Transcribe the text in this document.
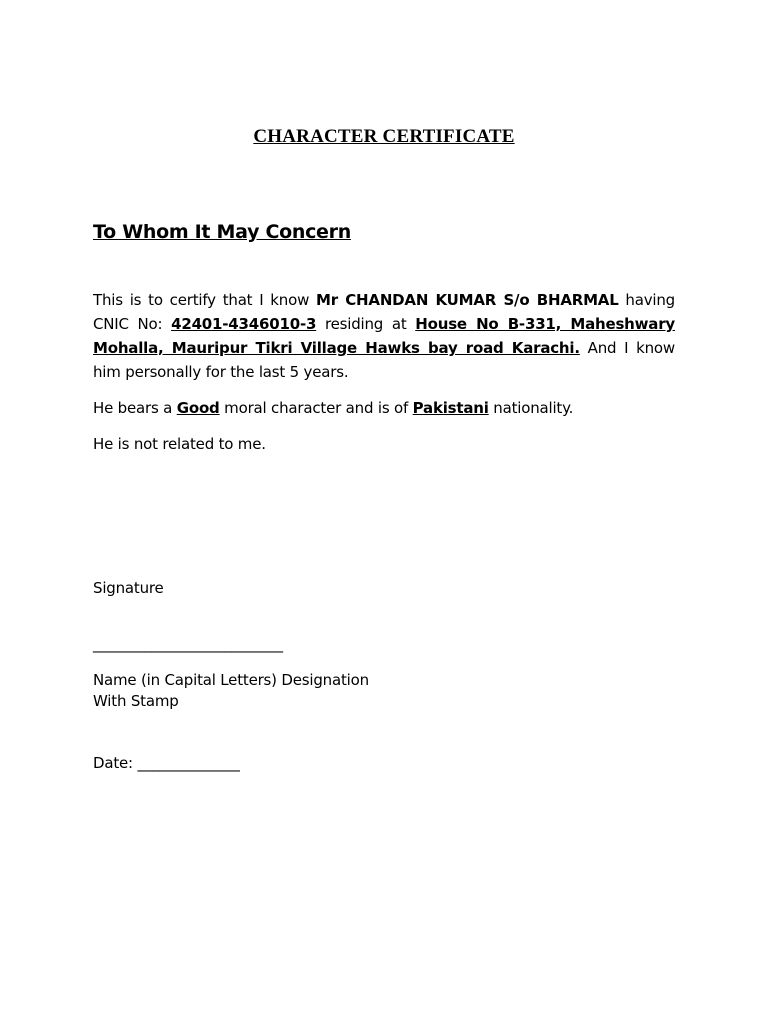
CHARACTER CERTIFICATE
To Whom It May Concern
This is to certify that I know Mr CHANDAN KUMAR S/o BHARMAL having CNIC No: 42401-4346010-3 residing at House No B-331, Maheshwary Mohalla, Mauripur Tikri Village Hawks bay road Karachi. And I know him personally for the last 5 years.
He bears a Good moral character and is of Pakistani nationality.
He is not related to me.
Signature
__________________________
Name (in Capital Letters) Designation
With Stamp
Date: ______________
